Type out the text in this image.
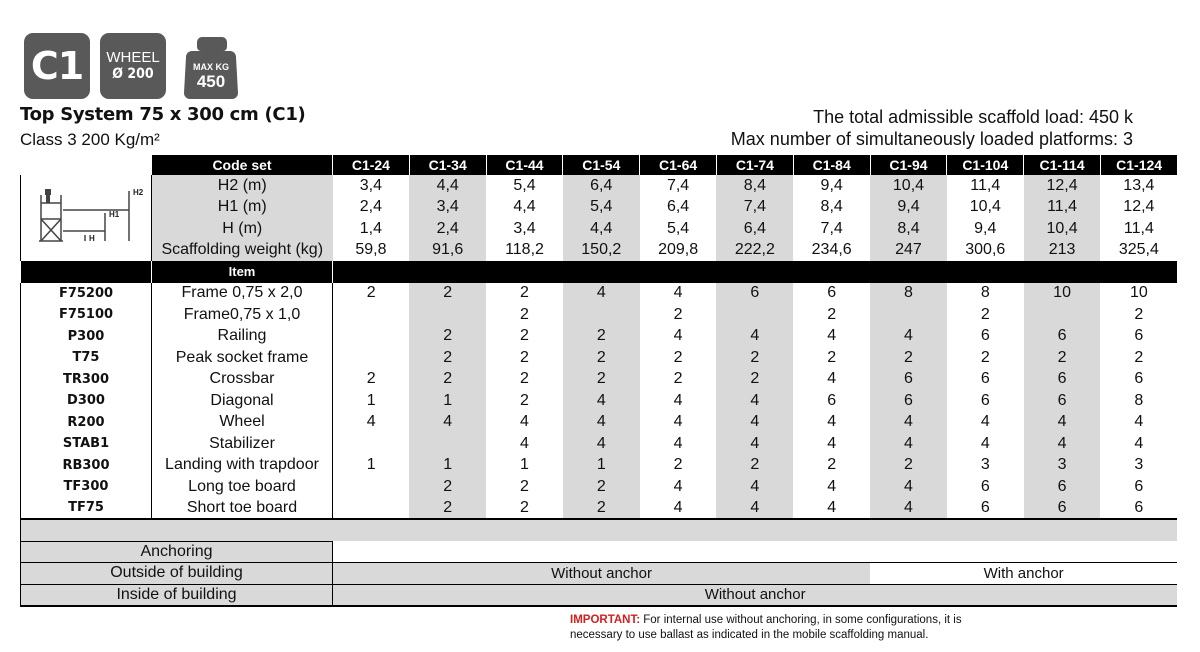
C1 WHEEL
Ø 200	MAX KG
450
Top System 75 x 300 cm (C1)
Class 3 200 Kg/m²
The total admissible scaffold load: 450 k
Max number of simultaneously loaded platforms: 3
	Code set	C1-24	C1-34	C1-44	C1-54	C1-64	C1-74	C1-84	C1-94	C1-104	C1-114	C1-124
	H2 (m)	3,4	4,4	5,4	6,4	7,4	8,4	9,4	10,4	11,4	12,4	13,4
	H1 (m)	2,4	3,4	4,4	5,4	6,4	7,4	8,4	9,4	10,4	11,4	12,4
	H (m)	1,4	2,4	3,4	4,4	5,4	6,4	7,4	8,4	9,4	10,4	11,4
	Scaffolding weight (kg)	59,8	91,6	118,2	150,2	209,8	222,2	234,6	247	300,6	213	325,4
	Item											
F75200	Frame 0,75 x 2,0	2	2	2	4	4	6	6	8	8	10	10
F75100	Frame0,75 x 1,0			2		2		2		2		2
P300	Railing		2	2	2	4	4	4	4	6	6	6
T75	Peak socket frame		2	2	2	2	2	2	2	2	2	2
TR300	Crossbar	2	2	2	2	2	2	4	6	6	6	6
D300	Diagonal	1	1	2	4	4	4	6	6	6	6	8
R200	Wheel	4	4	4	4	4	4	4	4	4	4	4
STAB1	Stabilizer			4	4	4	4	4	4	4	4	4
RB300	Landing with trapdoor	1	1	1	1	2	2	2	2	3	3	3
TF300	Long toe board		2	2	2	4	4	4	4	6	6	6
TF75	Short toe board		2	2	2	4	4	4	4	6	6	6

Anchoring												
Outside of building		Without anchor							With anchor			
Inside of building		Without anchor										
H2
H1
H
IMPORTANT: For internal use without anchoring, in some configurations, it is
necessary to use ballast as indicated in the mobile scaffolding manual.
